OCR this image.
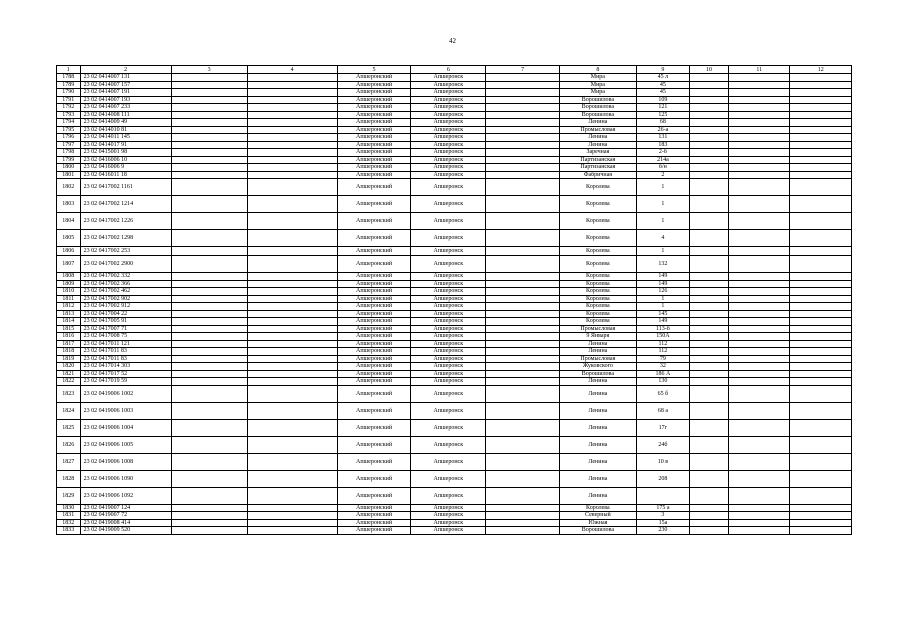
42
1	2	3	4	5	6	7	8	9	10	11	12
1788	23 02 0414007 131			Апшеронский	Апшеронск		Мира	45 л			
1789	23 02 0414007 157			Апшеронский	Апшеронск		Мира	45			
1790	23 02 0414007 191			Апшеронский	Апшеронск		Мира	45			
1791	23 02 0414007 193			Апшеронский	Апшеронск		Ворошилова	109			
1792	23 02 0414007 233			Апшеронский	Апшеронск		Ворошилова	121			
1793	23 02 0414008 111			Апшеронский	Апшеронск		Ворошилова	125			
1794	23 02 0414009 49			Апшеронский	Апшеронск		Ленина	68			
1795	23 02 0414010 81			Апшеронский	Апшеронск		Промысловая	26-а			
1796	23 02 0414011 145			Апшеронский	Апшеронск		Ленина	131			
1797	23 02 0414017 91			Апшеронский	Апшеронск		Ленина	183			
1798	23 02 0415001 98			Апшеронский	Апшеронск		Заречная	2-б			
1799	23 02 0416006 10			Апшеронский	Апшеронск		Партизанская	214а			
1800	23 02 0416006 9			Апшеронский	Апшеронск		Партизанская	б/н			
1801	23 02 0416011 18			Апшеронский	Апшеронск		Фабричная	2			
1802	23 02 0417002 1161			Апшеронский	Апшеронск		Королева	1			
1803	23 02 0417002 1214			Апшеронский	Апшеронск		Королева	1			
1804	23 02 0417002 1226			Апшеронский	Апшеронск		Королева	1			
1805	23 02 0417002 1298			Апшеронский	Апшеронск		Королева	4			
1806	23 02 0417002 253			Апшеронский	Апшеронск		Королева	1			
1807	23 02 0417002 2900			Апшеронский	Апшеронск		Королева	132			
1808	23 02 0417002 332			Апшеронский	Апшеронск		Королева	149			
1809	23 02 0417002 366			Апшеронский	Апшеронск		Королева	149			
1810	23 02 0417002 462			Апшеронский	Апшеронск		Королева	126			
1811	23 02 0417002 902			Апшеронский	Апшеронск		Королева	1			
1812	23 02 0417002 912			Апшеронский	Апшеронск		Королева	1			
1813	23 02 0417004 22			Апшеронский	Апшеронск		Королева	145			
1814	23 02 0417005 91			Апшеронский	Апшеронск		Королева	149			
1815	23 02 0417007 71			Апшеронский	Апшеронск		Промысловая	113-б			
1816	23 02 0417008 75			Апшеронский	Апшеронск		9 Января	150А			
1817	23 02 0417011 121			Апшеронский	Апшеронск		Ленина	112			
1818	23 02 0417011 83			Апшеронский	Апшеронск		Ленина	112			
1819	23 02 0417011 83			Апшеронский	Апшеронск		Промысловая	79			
1820	23 02 0417014 303			Апшеронский	Апшеронск		Жуковского	32			
1821	23 02 0417017 52			Апшеронский	Апшеронск		Ворошилова	186 А			
1822	23 02 0417019 59			Апшеронский	Апшеронск		Ленина	130			
1823	23 02 0419006 1002			Апшеронский	Апшеронск		Ленина	65 б			
1824	23 02 0419006 1003			Апшеронский	Апшеронск		Ленина	68 а			
1825	23 02 0419006 1004			Апшеронский	Апшеронск		Ленина	17г			
1826	23 02 0419006 1005			Апшеронский	Апшеронск		Ленина	24б			
1827	23 02 0419006 1008			Апшеронский	Апшеронск		Ленина	10 в			
1828	23 02 0419006 1090			Апшеронский	Апшеронск		Ленина	208			
1829	23 02 0419006 1092			Апшеронский	Апшеронск		Ленина				
1830	23 02 0419007 124			Апшеронский	Апшеронск		Королева	175 а			
1831	23 02 0419007 72			Апшеронский	Апшеронск		Северный	3			
1832	23 02 0419008 414			Апшеронский	Апшеронск		Южная	15а			
1833	23 02 0419009 520			Апшеронский	Апшеронск		Ворошилова	230			
